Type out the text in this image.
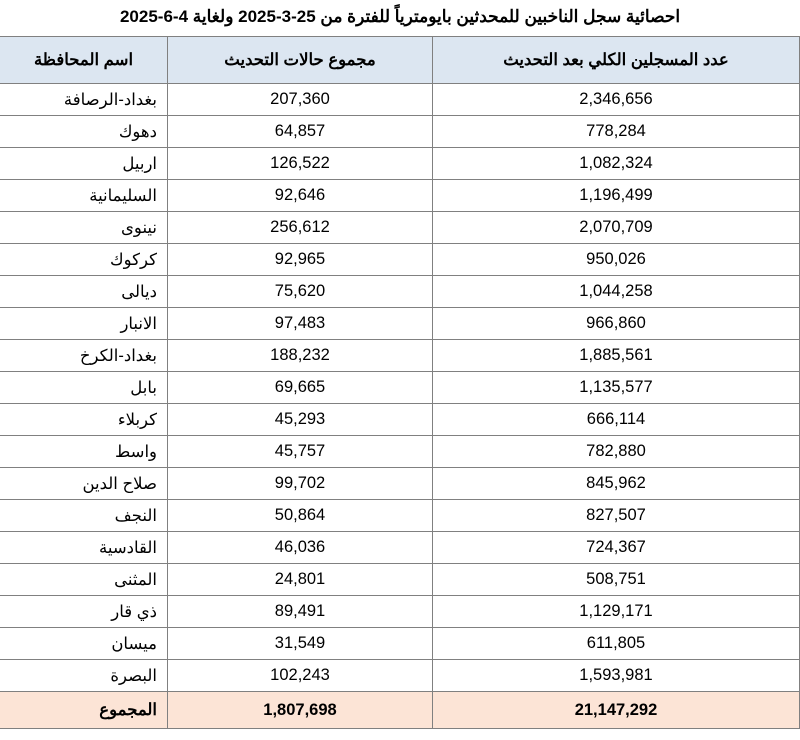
احصائية سجل الناخبين للمحدثين بايومترياً للفترة من 25-3-2025 ولغاية 4-6-2025
عدد المسجلين الكلي بعد التحديث	مجموع حالات التحديث	اسم المحافظة
2,346,656	207,360	بغداد-الرصافة
778,284	64,857	دهوك
1,082,324	126,522	اربيل
1,196,499	92,646	السليمانية
2,070,709	256,612	نينوى
950,026	92,965	كركوك
1,044,258	75,620	ديالى
966,860	97,483	الانبار
1,885,561	188,232	بغداد-الكرخ
1,135,577	69,665	بابل
666,114	45,293	كربلاء
782,880	45,757	واسط
845,962	99,702	صلاح الدين
827,507	50,864	النجف
724,367	46,036	القادسية
508,751	24,801	المثنى
1,129,171	89,491	ذي قار
611,805	31,549	ميسان
1,593,981	102,243	البصرة
21,147,292	1,807,698	المجموع
